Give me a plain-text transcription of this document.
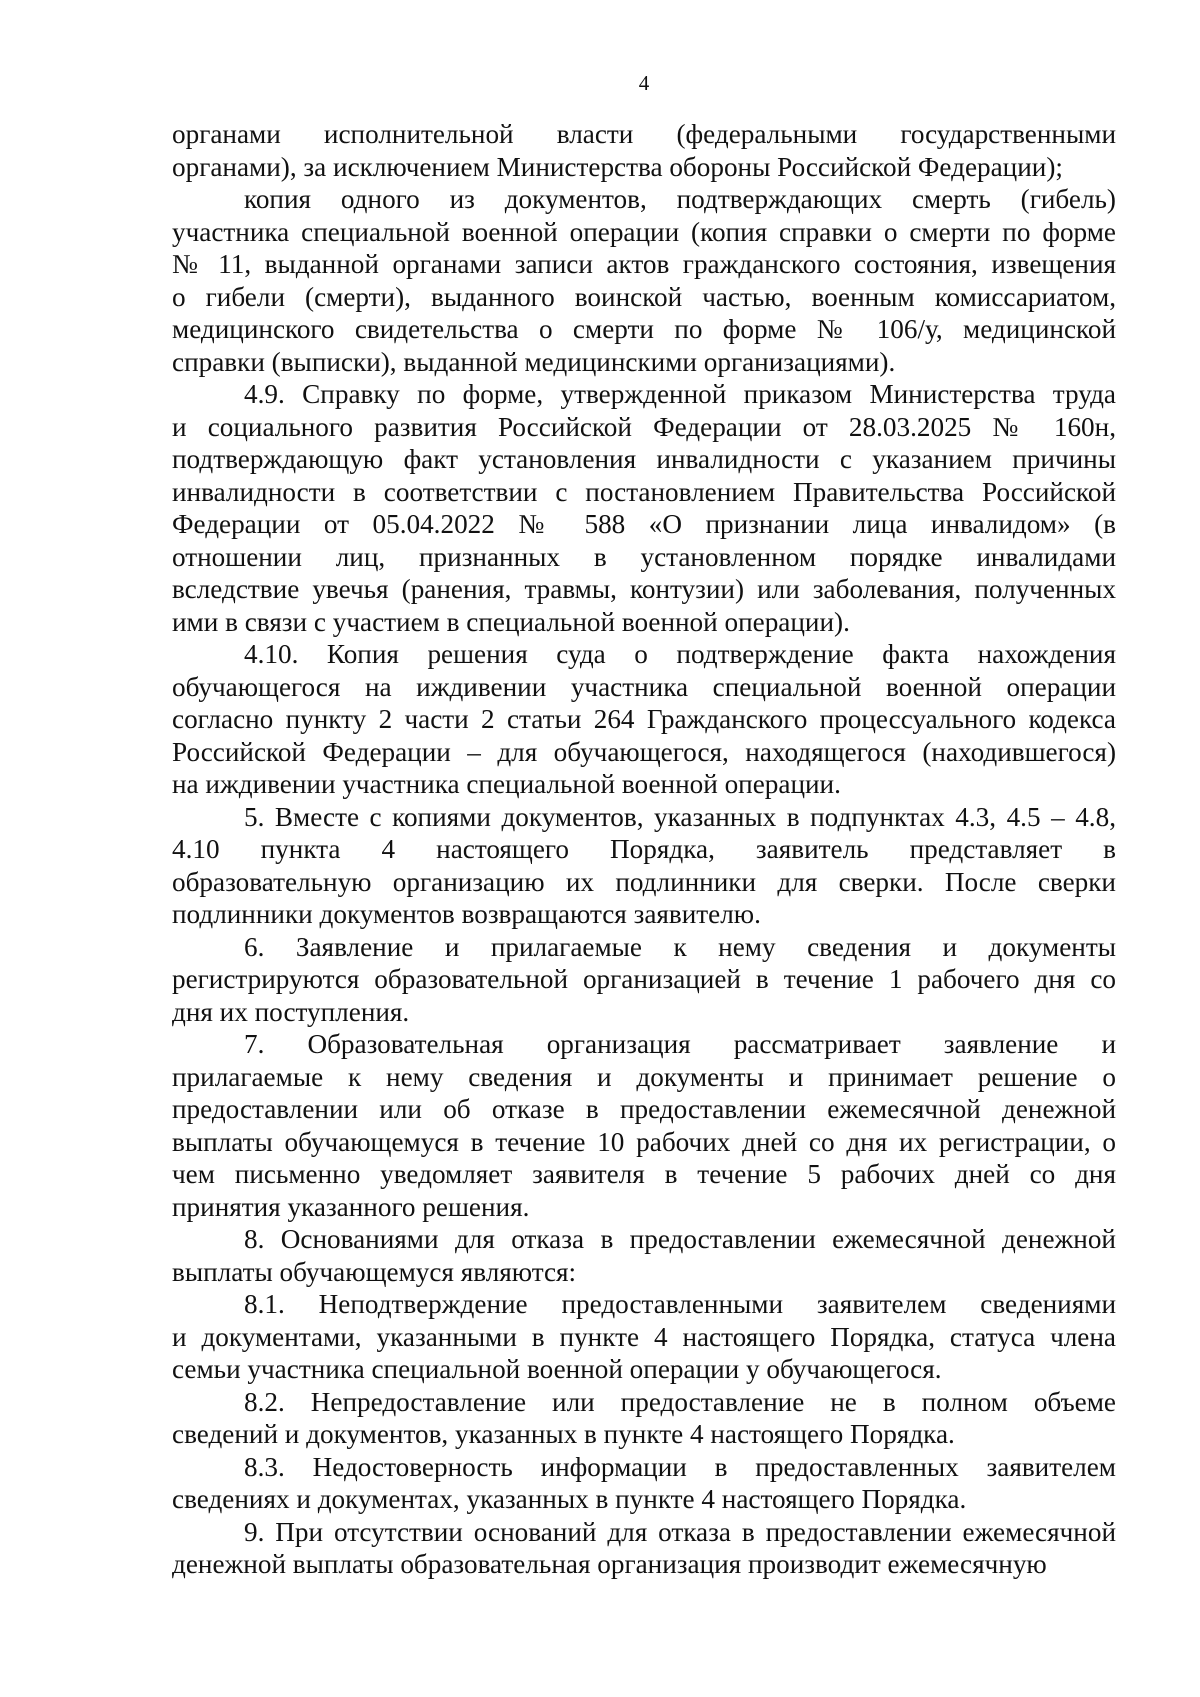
4
органами исполнительной власти (федеральными государственными
органами), за исключением Министерства обороны Российской Федерации);
копия одного из документов, подтверждающих смерть (гибель)
участника специальной военной операции (копия справки о смерти по форме
№ 11, выданной органами записи актов гражданского состояния, извещения
о гибели (смерти), выданного воинской частью, военным комиссариатом,
медицинского свидетельства о смерти по форме № 106/у, медицинской
справки (выписки), выданной медицинскими организациями).
4.9. Справку по форме, утвержденной приказом Министерства труда
и социального развития Российской Федерации от 28.03.2025 № 160н,
подтверждающую факт установления инвалидности с указанием причины
инвалидности в соответствии с постановлением Правительства Российской
Федерации от 05.04.2022 № 588 «О признании лица инвалидом» (в
отношении лиц, признанных в установленном порядке инвалидами
вследствие увечья (ранения, травмы, контузии) или заболевания, полученных
ими в связи с участием в специальной военной операции).
4.10. Копия решения суда о подтверждение факта нахождения
обучающегося на иждивении участника специальной военной операции
согласно пункту 2 части 2 статьи 264 Гражданского процессуального кодекса
Российской Федерации – для обучающегося, находящегося (находившегося)
на иждивении участника специальной военной операции.
5. Вместе с копиями документов, указанных в подпунктах 4.3, 4.5 – 4.8,
4.10 пункта 4 настоящего Порядка, заявитель представляет в
образовательную организацию их подлинники для сверки. После сверки
подлинники документов возвращаются заявителю.
6. Заявление и прилагаемые к нему сведения и документы
регистрируются образовательной организацией в течение 1 рабочего дня со
дня их поступления.
7. Образовательная организация рассматривает заявление и
прилагаемые к нему сведения и документы и принимает решение о
предоставлении или об отказе в предоставлении ежемесячной денежной
выплаты обучающемуся в течение 10 рабочих дней со дня их регистрации, о
чем письменно уведомляет заявителя в течение 5 рабочих дней со дня
принятия указанного решения.
8. Основаниями для отказа в предоставлении ежемесячной денежной
выплаты обучающемуся являются:
8.1. Неподтверждение предоставленными заявителем сведениями
и документами, указанными в пункте 4 настоящего Порядка, статуса члена
семьи участника специальной военной операции у обучающегося.
8.2. Непредоставление или предоставление не в полном объеме
сведений и документов, указанных в пункте 4 настоящего Порядка.
8.3. Недостоверность информации в предоставленных заявителем
сведениях и документах, указанных в пункте 4 настоящего Порядка.
9. При отсутствии оснований для отказа в предоставлении ежемесячной
денежной выплаты образовательная организация производит ежемесячную
